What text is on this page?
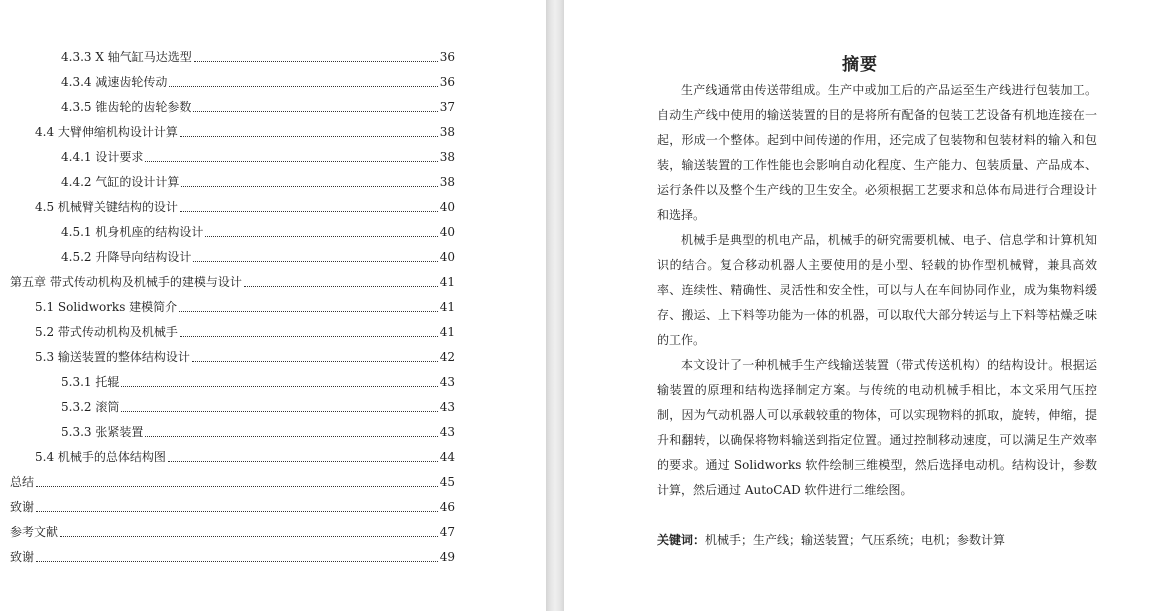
4.3.3 X 轴气缸马达选型	36
4.3.4 减速齿轮传动	36
4.3.5 锥齿轮的齿轮参数	37
4.4 大臂伸缩机构设计计算	38
4.4.1 设计要求	38
4.4.2 气缸的设计计算	38
4.5 机械臂关键结构的设计	40
4.5.1 机身机座的结构设计	40
4.5.2 升降导向结构设计	40
第五章 带式传动机构及机械手的建模与设计	41
5.1 Solidworks 建模简介	41
5.2 带式传动机构及机械手	41
5.3 输送装置的整体结构设计	42
5.3.1 托辊	43
5.3.2 滚筒	43
5.3.3 张紧装置	43
5.4 机械手的总体结构图	44
总结	45
致谢	46
参考文献	47
致谢	49
摘要

生产线通常由传送带组成。生产中或加工后的产品运至生产线进行包装加工。自动生产线中使用的输送装置的目的是将所有配备的包装工艺设备有机地连接在一起，形成一个整体。起到中间传递的作用，还完成了包装物和包装材料的输入和包装，输送装置的工作性能也会影响自动化程度、生产能力、包装质量、产品成本、运行条件以及整个生产线的卫生安全。必须根据工艺要求和总体布局进行合理设计和选择。

机械手是典型的机电产品，机械手的研究需要机械、电子、信息学和计算机知识的结合。复合移动机器人主要使用的是小型、轻载的协作型机械臂，兼具高效率、连续性、精确性、灵活性和安全性，可以与人在车间协同作业，成为集物料缓存、搬运、上下料等功能为一体的机器，可以取代大部分转运与上下料等枯燥乏味的工作。

本文设计了一种机械手生产线输送装置（带式传送机构）的结构设计。根据运输装置的原理和结构选择制定方案。与传统的电动机械手相比，本文采用气压控制，因为气动机器人可以承载较重的物体，可以实现物料的抓取，旋转，伸缩，提升和翻转，以确保将物料输送到指定位置。通过控制移动速度，可以满足生产效率的要求。通过 Solidworks 软件绘制三维模型，然后选择电动机。结构设计，参数计算，然后通过 AutoCAD 软件进行二维绘图。

关键词：机械手；生产线；输送装置；气压系统；电机；参数计算
